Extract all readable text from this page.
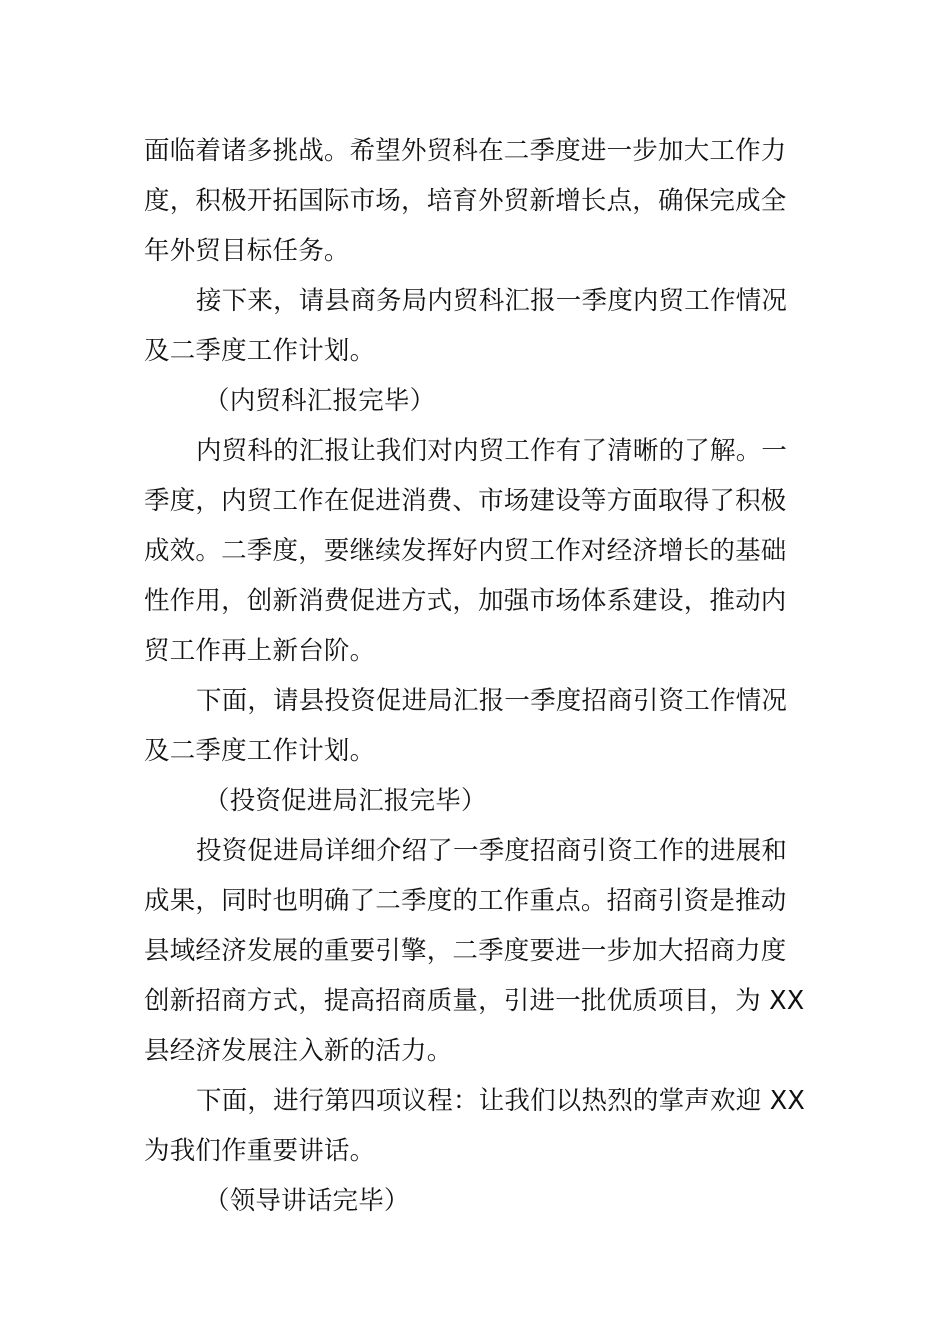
面临着诸多挑战。希望外贸科在二季度进一步加大工作力
度，积极开拓国际市场，培育外贸新增长点，确保完成全
年外贸目标任务。
接下来，请县商务局内贸科汇报一季度内贸工作情况
及二季度工作计划。
（内贸科汇报完毕）
内贸科的汇报让我们对内贸工作有了清晰的了解。一
季度，内贸工作在促进消费、市场建设等方面取得了积极
成效。二季度，要继续发挥好内贸工作对经济增长的基础
性作用，创新消费促进方式，加强市场体系建设，推动内
贸工作再上新台阶。
下面，请县投资促进局汇报一季度招商引资工作情况
及二季度工作计划。
（投资促进局汇报完毕）
投资促进局详细介绍了一季度招商引资工作的进展和
成果，同时也明确了二季度的工作重点。招商引资是推动
县域经济发展的重要引擎，二季度要进一步加大招商力度
创新招商方式，提高招商质量，引进一批优质项目，为 XX
县经济发展注入新的活力。
下面，进行第四项议程：让我们以热烈的掌声欢迎 XX
为我们作重要讲话。
（领导讲话完毕）
